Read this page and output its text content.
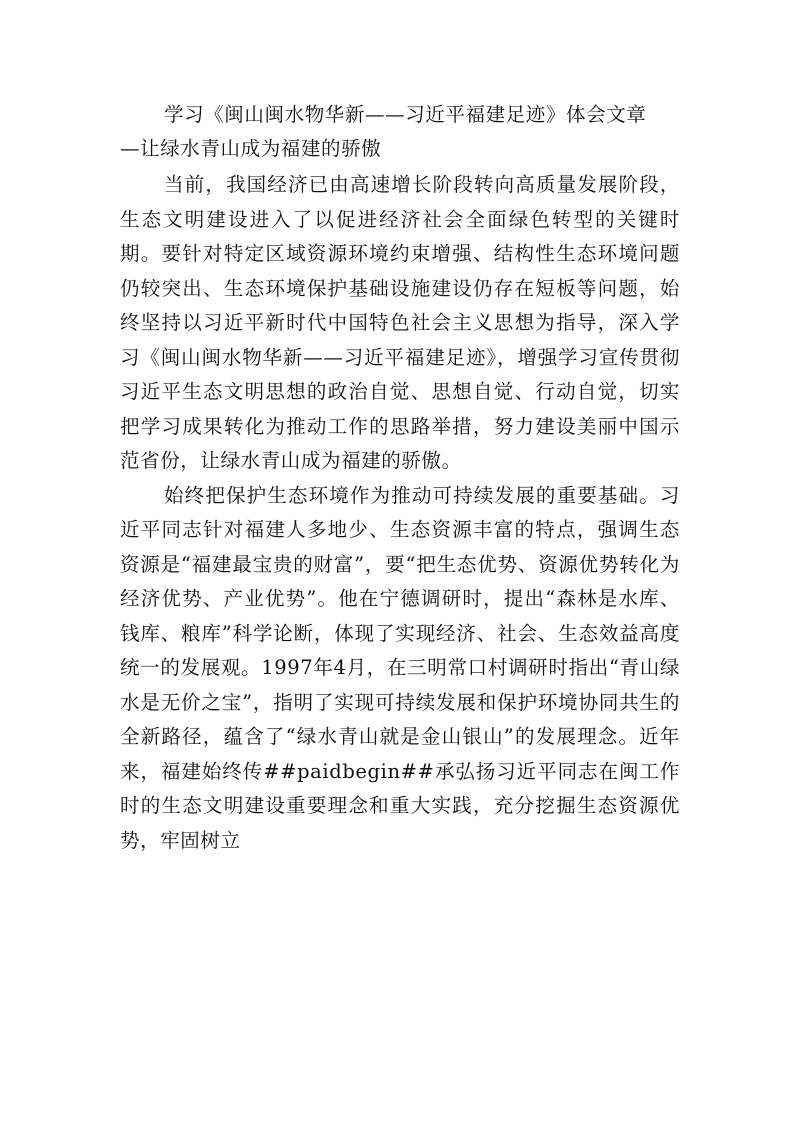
学习《闽山闽水物华新——习近平福建足迹》体会文章

—让绿水青山成为福建的骄傲

当前，我国经济已由高速增长阶段转向高质量发展阶段，生态文明建设进入了以促进经济社会全面绿色转型的关键时期。要针对特定区域资源环境约束增强、结构性生态环境问题仍较突出、生态环境保护基础设施建设仍存在短板等问题，始终坚持以习近平新时代中国特色社会主义思想为指导，深入学习《闽山闽水物华新——习近平福建足迹》，增强学习宣传贯彻习近平生态文明思想的政治自觉、思想自觉、行动自觉，切实把学习成果转化为推动工作的思路举措，努力建设美丽中国示范省份，让绿水青山成为福建的骄傲。

始终把保护生态环境作为推动可持续发展的重要基础。习近平同志针对福建人多地少、生态资源丰富的特点，强调生态资源是“福建最宝贵的财富”，要“把生态优势、资源优势转化为经济优势、产业优势”。他在宁德调研时，提出“森林是水库、钱库、粮库”科学论断，体现了实现经济、社会、生态效益高度统一的发展观。1997年4月，在三明常口村调研时指出“青山绿水是无价之宝”，指明了实现可持续发展和保护环境协同共生的全新路径，蕴含了“绿水青山就是金山银山”的发展理念。近年来，福建始终传##paidbegin##承弘扬习近平同志在闽工作时的生态文明建设重要理念和重大实践，充分挖掘生态资源优势，牢固树立
